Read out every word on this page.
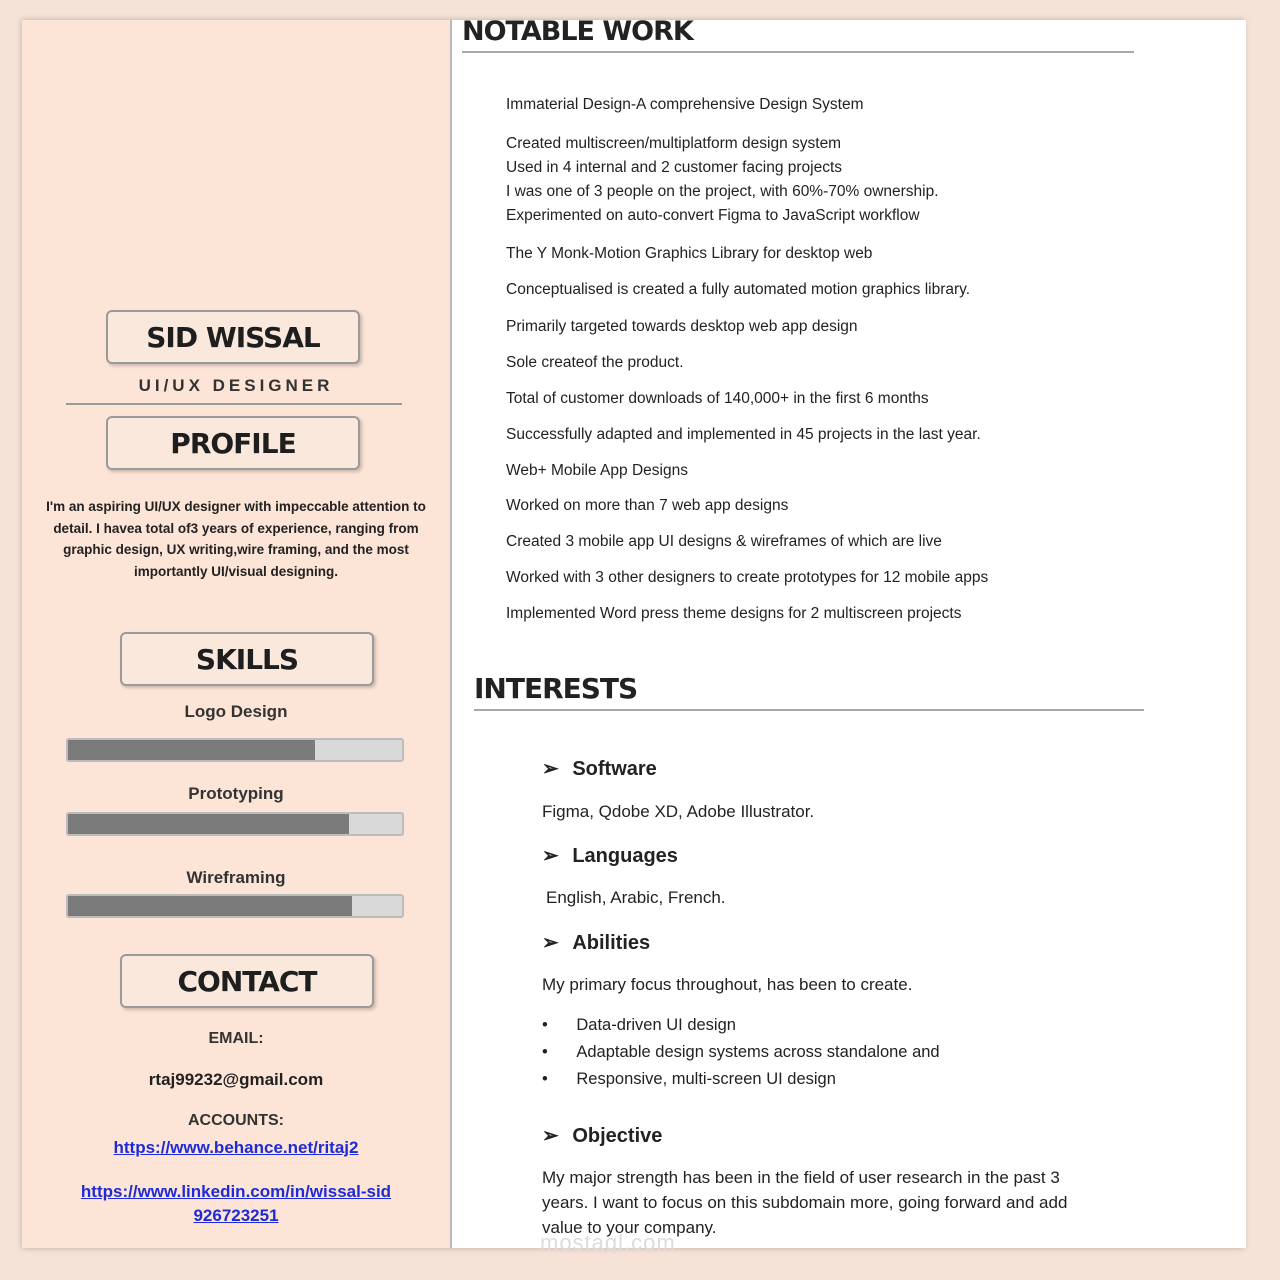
SID WISSAL
UI/UX DESIGNER
PROFILE
I'm an aspiring UI/UX designer with impeccable attention to detail. I havea total of3 years of experience, ranging from graphic design, UX writing,wire framing, and the most importantly UI/visual designing.
SKILLS
Logo Design
Prototyping
Wireframing
CONTACT
EMAIL:
rtaj99232@gmail.com
ACCOUNTS:
https://www.behance.net/ritaj2
https://www.linkedin.com/in/wissal-sid 926723251
NOTABLE WORK
Immaterial Design-A comprehensive Design System
Created multiscreen/multiplatform design system
Used in 4 internal and 2 customer facing projects
I was one of 3 people on the project, with 60%-70% ownership.
Experimented on auto-convert Figma to JavaScript workflow
The Y Monk-Motion Graphics Library for desktop web
Conceptualised is created a fully automated motion graphics library.
Primarily targeted towards desktop web app design
Sole createof the product.
Total of customer downloads of 140,000+ in the first 6 months
Successfully adapted and implemented in 45 projects in the last year.
Web+ Mobile App Designs
Worked on more than 7 web app designs
Created 3 mobile app UI designs & wireframes of which are live
Worked with 3 other designers to create prototypes for 12 mobile apps
Implemented Word press theme designs for 2 multiscreen projects
INTERESTS
➢ Software
Figma, Qdobe XD, Adobe Illustrator.
➢ Languages
English, Arabic, French.
➢ Abilities
My primary focus throughout, has been to create.
• Data-driven UI design
• Adaptable design systems across standalone and
• Responsive, multi-screen UI design
➢ Objective
My major strength has been in the field of user research in the past 3
years. I want to focus on this subdomain more, going forward and add
value to your company.
mostaql.com
